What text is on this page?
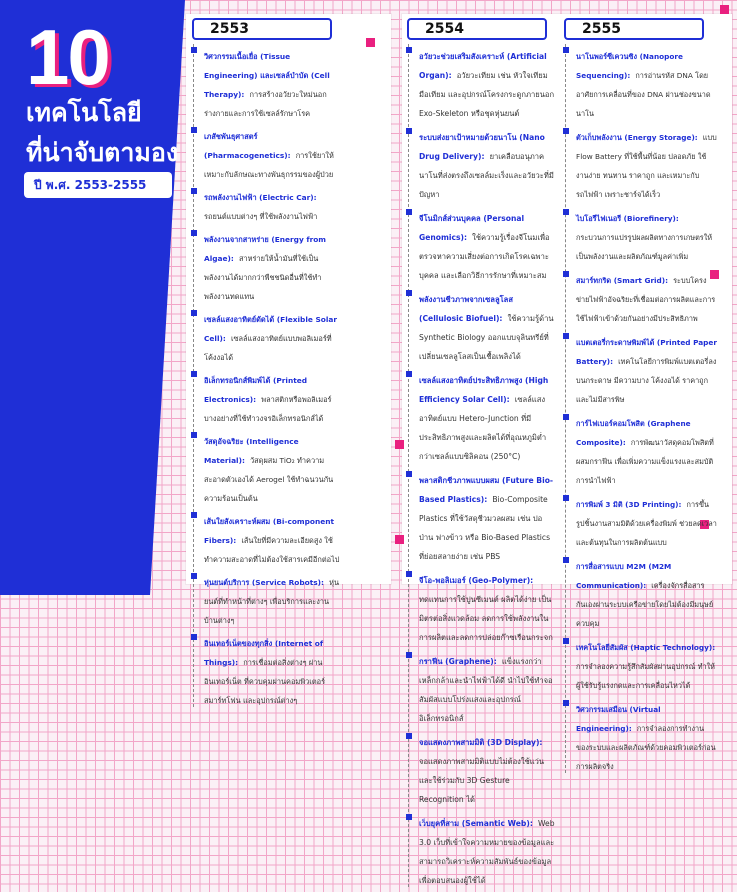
10
เทคโนโลยี
ที่น่าจับตามอง
ปี พ.ศ. 2553-2555
2553
วิศวกรรมเนื้อเยื่อ (Tissue Engineering) และเซลล์บำบัด (Cell Therapy): การสร้างอวัยวะใหม่นอกร่างกายและการใช้เซลล์รักษาโรค
เภสัชพันธุศาสตร์ (Pharmacogenetics): การใช้ยาให้เหมาะกับลักษณะทางพันธุกรรมของผู้ป่วย
รถพลังงานไฟฟ้า (Electric Car): รถยนต์แบบต่างๆ ที่ใช้พลังงานไฟฟ้า
พลังงานจากสาหร่าย (Energy from Algae): สาหร่ายให้น้ำมันที่ใช้เป็นพลังงานได้มากกว่าพืชชนิดอื่นที่ใช้ทำพลังงานทดแทน
เซลล์แสงอาทิตย์ดัดได้ (Flexible Solar Cell): เซลล์แสงอาทิตย์แบบพอลิเมอร์ที่โค้งงอได้
อิเล็กทรอนิกส์พิมพ์ได้ (Printed Electronics): พลาสติกหรือพอลิเมอร์บางอย่างที่ใช้ทำวงจรอิเล็กทรอนิกส์ได้
วัสดุอัจฉริยะ (Intelligence Material): วัสดุผสม TiO₂ ทำความสะอาดตัวเองได้ Aerogel ใช้ทำฉนวนกันความร้อนเป็นต้น
เส้นใยสังเคราะห์ผสม (Bi-component Fibers): เส้นใยที่มีความละเอียดสูง ใช้ทำความสะอาดที่ไม่ต้องใช้สารเคมีอีกต่อไป
หุ่นยนต์บริการ (Service Robots): หุ่นยนต์ที่ทำหน้าที่ต่างๆ เพื่อบริการและงานบ้านต่างๆ
อินเทอร์เน็ตของทุกสิ่ง (Internet of Things): การเชื่อมต่อสิ่งต่างๆ ผ่านอินเทอร์เน็ต ที่ควบคุมผ่านคอมพิวเตอร์ สมาร์ทโฟน และอุปกรณ์ต่างๆ
2554
อวัยวะช่วยเสริมสังเคราะห์ (Artificial Organ): อวัยวะเทียม เช่น หัวใจเทียม มือเทียม และอุปกรณ์โครงกระดูกภายนอก Exo-Skeleton หรือชุดหุ่นยนต์
ระบบส่งยาเป้าหมายด้วยนาโน (Nano Drug Delivery): ยาเคลือบอนุภาคนาโนที่ส่งตรงถึงเซลล์มะเร็งและอวัยวะที่มีปัญหา
จีโนมิกส์ส่วนบุคคล (Personal Genomics): ใช้ความรู้เรื่องจีโนมเพื่อตรวจหาความเสี่ยงต่อการเกิดโรคเฉพาะบุคคล และเลือกวิธีการรักษาที่เหมาะสม
พลังงานชีวภาพจากเซลลูโลส (Cellulosic Biofuel): ใช้ความรู้ด้าน Synthetic Biology ออกแบบจุลินทรีย์ที่เปลี่ยนเซลลูโลสเป็นเชื้อเพลิงได้
เซลล์แสงอาทิตย์ประสิทธิภาพสูง (High Efficiency Solar Cell): เซลล์แสงอาทิตย์แบบ Hetero-Junction ที่มีประสิทธิภาพสูงและผลิตได้ที่อุณหภูมิต่ำกว่าเซลล์แบบซิลิคอน (250°C)
พลาสติกชีวภาพแบบผสม (Future Bio-Based Plastics): Bio-Composite Plastics ที่ใช้วัสดุชีวมวลผสม เช่น ปอ ป่าน ฟางข้าว หรือ Bio-Based Plastics ที่ย่อยสลายง่าย เช่น PBS
จีโอ-พอลิเมอร์ (Geo-Polymer): ทดแทนการใช้ปูนซีเมนต์ ผลิตได้ง่าย เป็นมิตรต่อสิ่งแวดล้อม ลดการใช้พลังงานในการผลิตและลดการปล่อยก๊าซเรือนกระจก
กราฟีน (Graphene): แข็งแรงกว่าเหล็กกล้าและนำไฟฟ้าได้ดี นำไปใช้ทำจอสัมผัสแบบโปร่งแสงและอุปกรณ์อิเล็กทรอนิกส์
จอแสดงภาพสามมิติ (3D Display): จอแสดงภาพสามมิติแบบไม่ต้องใช้แว่น และใช้ร่วมกับ 3D Gesture Recognition ได้
เว็บยุคที่สาม (Semantic Web): Web 3.0 เว็บที่เข้าใจความหมายของข้อมูลและสามารถวิเคราะห์ความสัมพันธ์ของข้อมูลเพื่อตอบสนองผู้ใช้ได้
2555
นาโนพอร์ซีเควนซิง (Nanopore Sequencing): การอ่านรหัส DNA โดยอาศัยการเคลื่อนที่ของ DNA ผ่านช่องขนาดนาโน
ตัวเก็บพลังงาน (Energy Storage): แบบ Flow Battery ที่ใช้พื้นที่น้อย ปลอดภัย ใช้งานง่าย ทนทาน ราคาถูก และเหมาะกับรถไฟฟ้า เพราะชาร์จได้เร็ว
ไบโอรีไฟเนอรี (Biorefinery): กระบวนการแปรรูปผลผลิตทางการเกษตรให้เป็นพลังงานและผลิตภัณฑ์มูลค่าเพิ่ม
สมาร์ทกริด (Smart Grid): ระบบโครงข่ายไฟฟ้าอัจฉริยะที่เชื่อมต่อการผลิตและการใช้ไฟฟ้าเข้าด้วยกันอย่างมีประสิทธิภาพ
แบตเตอรี่กระดาษพิมพ์ได้ (Printed Paper Battery): เทคโนโลยีการพิมพ์แบตเตอรี่ลงบนกระดาษ มีความบาง โค้งงอได้ ราคาถูกและไม่มีสารพิษ
การ์ไฟเบอร์คอมโพสิต (Graphene Composite): การพัฒนาวัสดุคอมโพสิตที่ผสมกราฟีน เพื่อเพิ่มความแข็งแรงและสมบัติการนำไฟฟ้า
การพิมพ์ 3 มิติ (3D Printing): การขึ้นรูปชิ้นงานสามมิติด้วยเครื่องพิมพ์ ช่วยลดเวลาและต้นทุนในการผลิตต้นแบบ
การสื่อสารแบบ M2M (M2M Communication): เครื่องจักรสื่อสารกันเองผ่านระบบเครือข่ายโดยไม่ต้องมีมนุษย์ควบคุม
เทคโนโลยีสัมผัส (Haptic Technology): การจำลองความรู้สึกสัมผัสผ่านอุปกรณ์ ทำให้ผู้ใช้รับรู้แรงกดและการเคลื่อนไหวได้
วิศวกรรมเสมือน (Virtual Engineering): การจำลองการทำงานของระบบและผลิตภัณฑ์ด้วยคอมพิวเตอร์ก่อนการผลิตจริง
